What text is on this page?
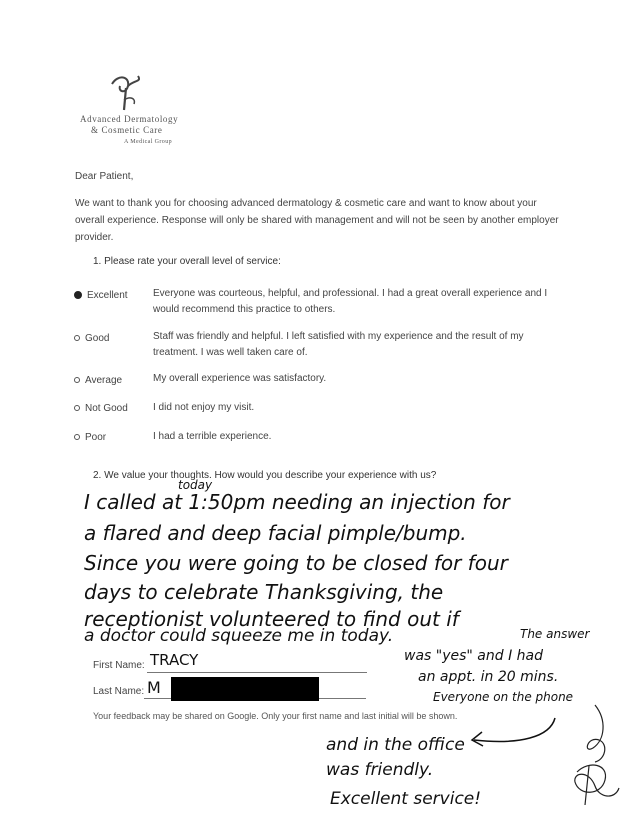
Advanced Dermatology
& Cosmetic Care
A Medical Group
Dear Patient,
We want to thank you for choosing advanced dermatology & cosmetic care and want to know about your overall experience. Response will only be shared with management and will not be seen by another employer provider.
1. Please rate your overall level of service:
Excellent	Everyone was courteous, helpful, and professional. I had a great overall experience and I would recommend this practice to others.
Good	Staff was friendly and helpful. I left satisfied with my experience and the result of my treatment. I was well taken care of.
Average	My overall experience was satisfactory.
Not Good	I did not enjoy my visit.
Poor	I had a terrible experience.
2. We value your thoughts. How would you describe your experience with us?
today
I called at 1:50pm needing an injection for
a flared and deep facial pimple/bump.
Since you were going to be closed for four
days to celebrate Thanksgiving, the
receptionist volunteered to find out if
a doctor could squeeze me in today.	The answer
was "yes" and I had
an appt. in 20 mins.
Everyone on the phone
First Name: TRACY
Last Name: M
Your feedback may be shared on Google. Only your first name and last initial will be shown.
and in the office
was friendly.
Excellent service!
